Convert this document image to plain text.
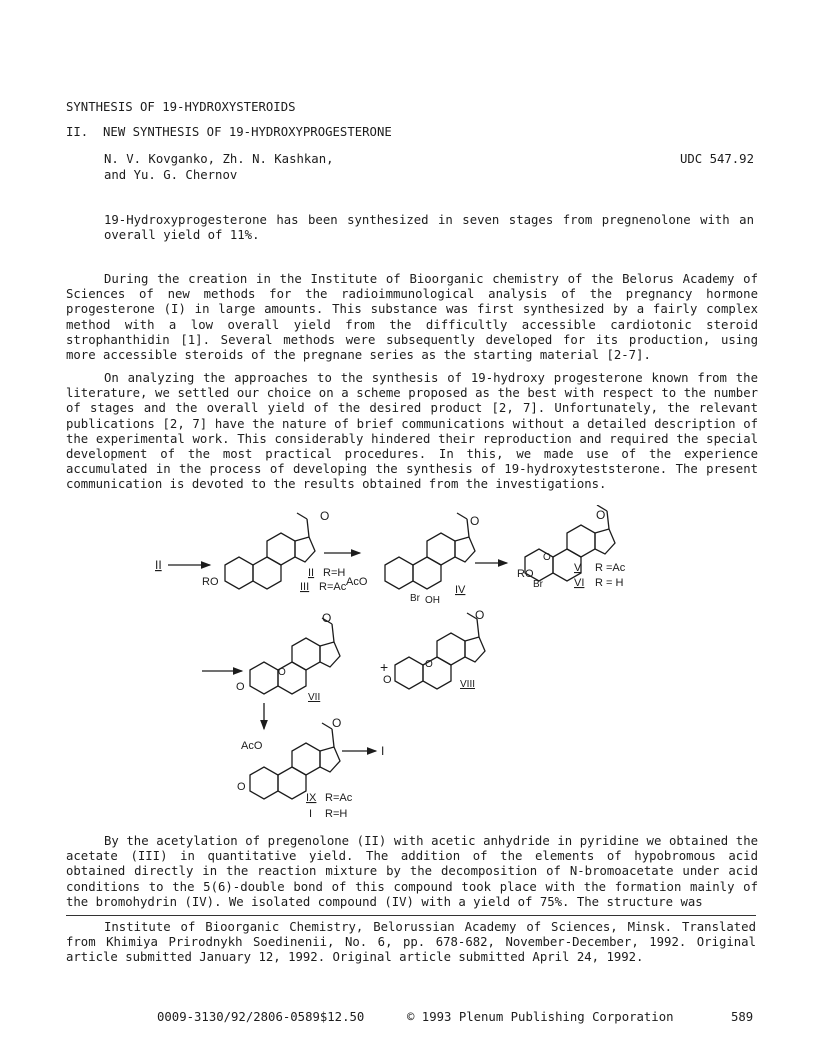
SYNTHESIS OF 19-HYDROXYSTEROIDS
II.  NEW SYNTHESIS OF 19-HYDROXYPROGESTERONE
N. V. Kovganko, Zh. N. Kashkan,
and Yu. G. Chernov
UDC 547.92
19-Hydroxyprogesterone has been synthesized in seven stages from pregnenolone with an overall yield of 11%.

During the creation in the Institute of Bioorganic chemistry of the Belorus Academy of Sciences of new methods for the radioimmunological analysis of the pregnancy hormone progesterone (I) in large amounts. This substance was first synthesized by a fairly complex method with a low overall yield from the difficultly accessible cardiotonic steroid strophanthidin [1]. Several methods were subsequently developed for its production, using more accessible steroids of the pregnane series as the starting material [2-7].

On analyzing the approaches to the synthesis of 19-hydroxy progesterone known from the literature, we settled our choice on a scheme proposed as the best with respect to the number of stages and the overall yield of the desired product [2, 7]. Unfortunately, the relevant publications [2, 7] have the nature of brief communications without a detailed description of the experimental work. This considerably hindered their reproduction and required the special development of the most practical procedures. In this, we made use of the experience accumulated in the process of developing the synthesis of 19-hydroxyteststerone. The present communication is devoted to the results obtained from the investigations.

II
O
RO
II R=H
III R=Ac
O
AcO
Br OH
IV
O
O
RO
Br
V R =Ac
VI R = H
O
O
O
VII
+
O
O
O	VIII
O
AcO
O
I
IX R=Ac
I R=H

By the acetylation of pregenolone (II) with acetic anhydride in pyridine we obtained the acetate (III) in quantitative yield. The addition of the elements of hypobromous acid obtained directly in the reaction mixture by the decomposition of N-bromoacetate under acid conditions to the 5(6)-double bond of this compound took place with the formation mainly of the bromohydrin (IV). We isolated compound (IV) with a yield of 75%. The structure was

Institute of Bioorganic Chemistry, Belorussian Academy of Sciences, Minsk. Translated from Khimiya Prirodnykh Soedinenii, No. 6, pp. 678-682, November-December, 1992. Original article submitted January 12, 1992. Original article submitted April 24, 1992.

0009-3130/92/2806-0589$12.50

	© 1993 Plenum Publishing Corporation

	589
